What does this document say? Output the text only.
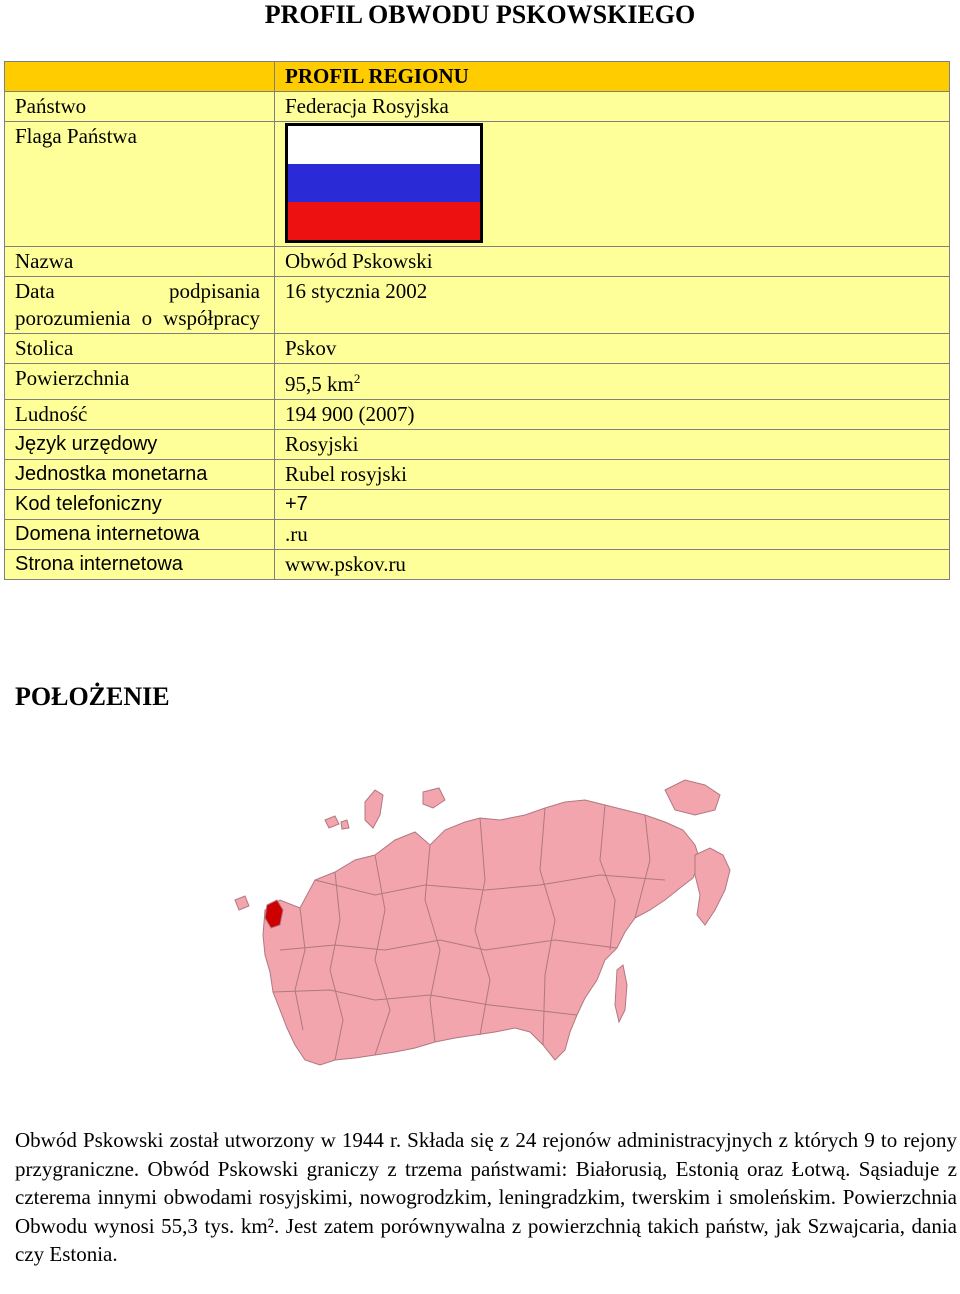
PROFIL OBWODU PSKOWSKIEGO
	PROFIL REGIONU
Państwo	Federacja Rosyjska
Flaga Państwa	

Nazwa	Obwód Pskowski
Data podpisania porozumienia o współpracy	16 stycznia 2002
Stolica	Pskov
Powierzchnia	95,5 $km^2$
Ludność	194 900 (2007)
Język urzędowy	Rosyjski
Jednostka monetarna	Rubel rosyjski
Kod telefoniczny	+7
Domena internetowa	.ru
Strona internetowa	www.pskov.ru
POŁOŻENIE
Obwód Pskowski został utworzony w 1944 r. Składa się z 24 rejonów administracyjnych z których 9 to rejony przygraniczne. Obwód Pskowski graniczy z trzema państwami: Białorusią, Estonią oraz Łotwą. Sąsiaduje z czterema innymi obwodami rosyjskimi, nowogrodzkim, leningradzkim, twerskim i smoleńskim. Powierzchnia Obwodu wynosi 55,3 tys. km². Jest zatem porównywalna z powierzchnią takich państw, jak Szwajcaria, dania czy Estonia.
